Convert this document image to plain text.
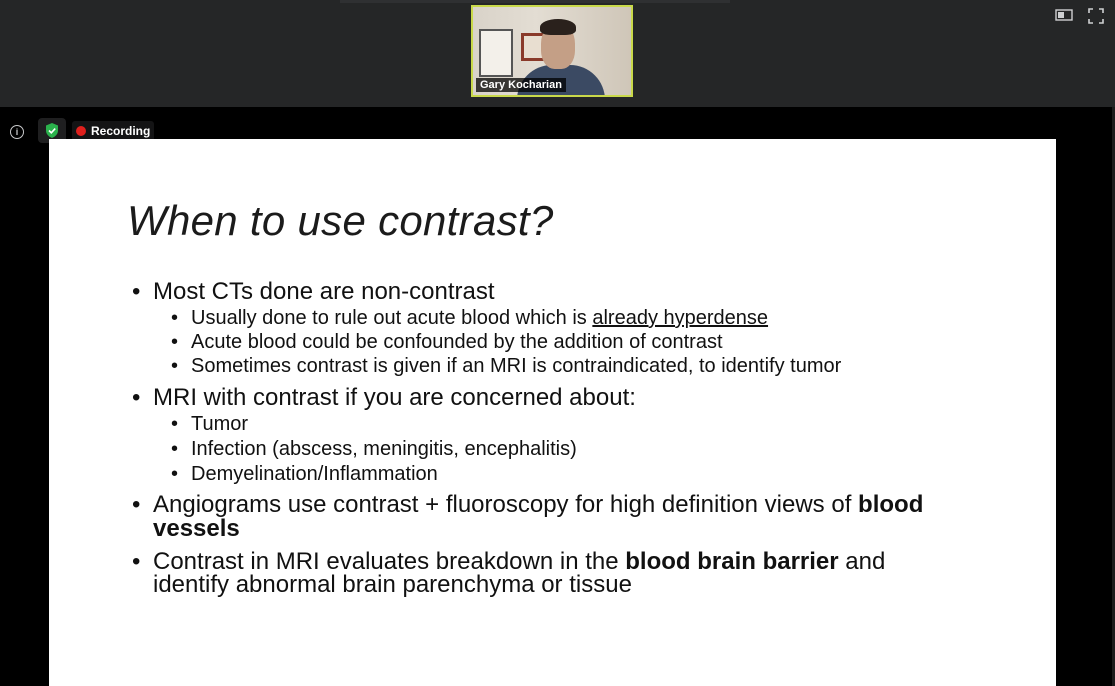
Gary Kocharian
i	Recording
When to use contrast?
• Most CTs done are non-contrast
• Usually done to rule out acute blood which is already hyperdense
• Acute blood could be confounded by the addition of contrast
• Sometimes contrast is given if an MRI is contraindicated, to identify tumor
• MRI with contrast if you are concerned about:
• Tumor
• Infection (abscess, meningitis, encephalitis)
• Demyelination/Inflammation
• Angiograms use contrast + fluoroscopy for high definition views of blood
vessels
• Contrast in MRI evaluates breakdown in the blood brain barrier and
identify abnormal brain parenchyma or tissue
